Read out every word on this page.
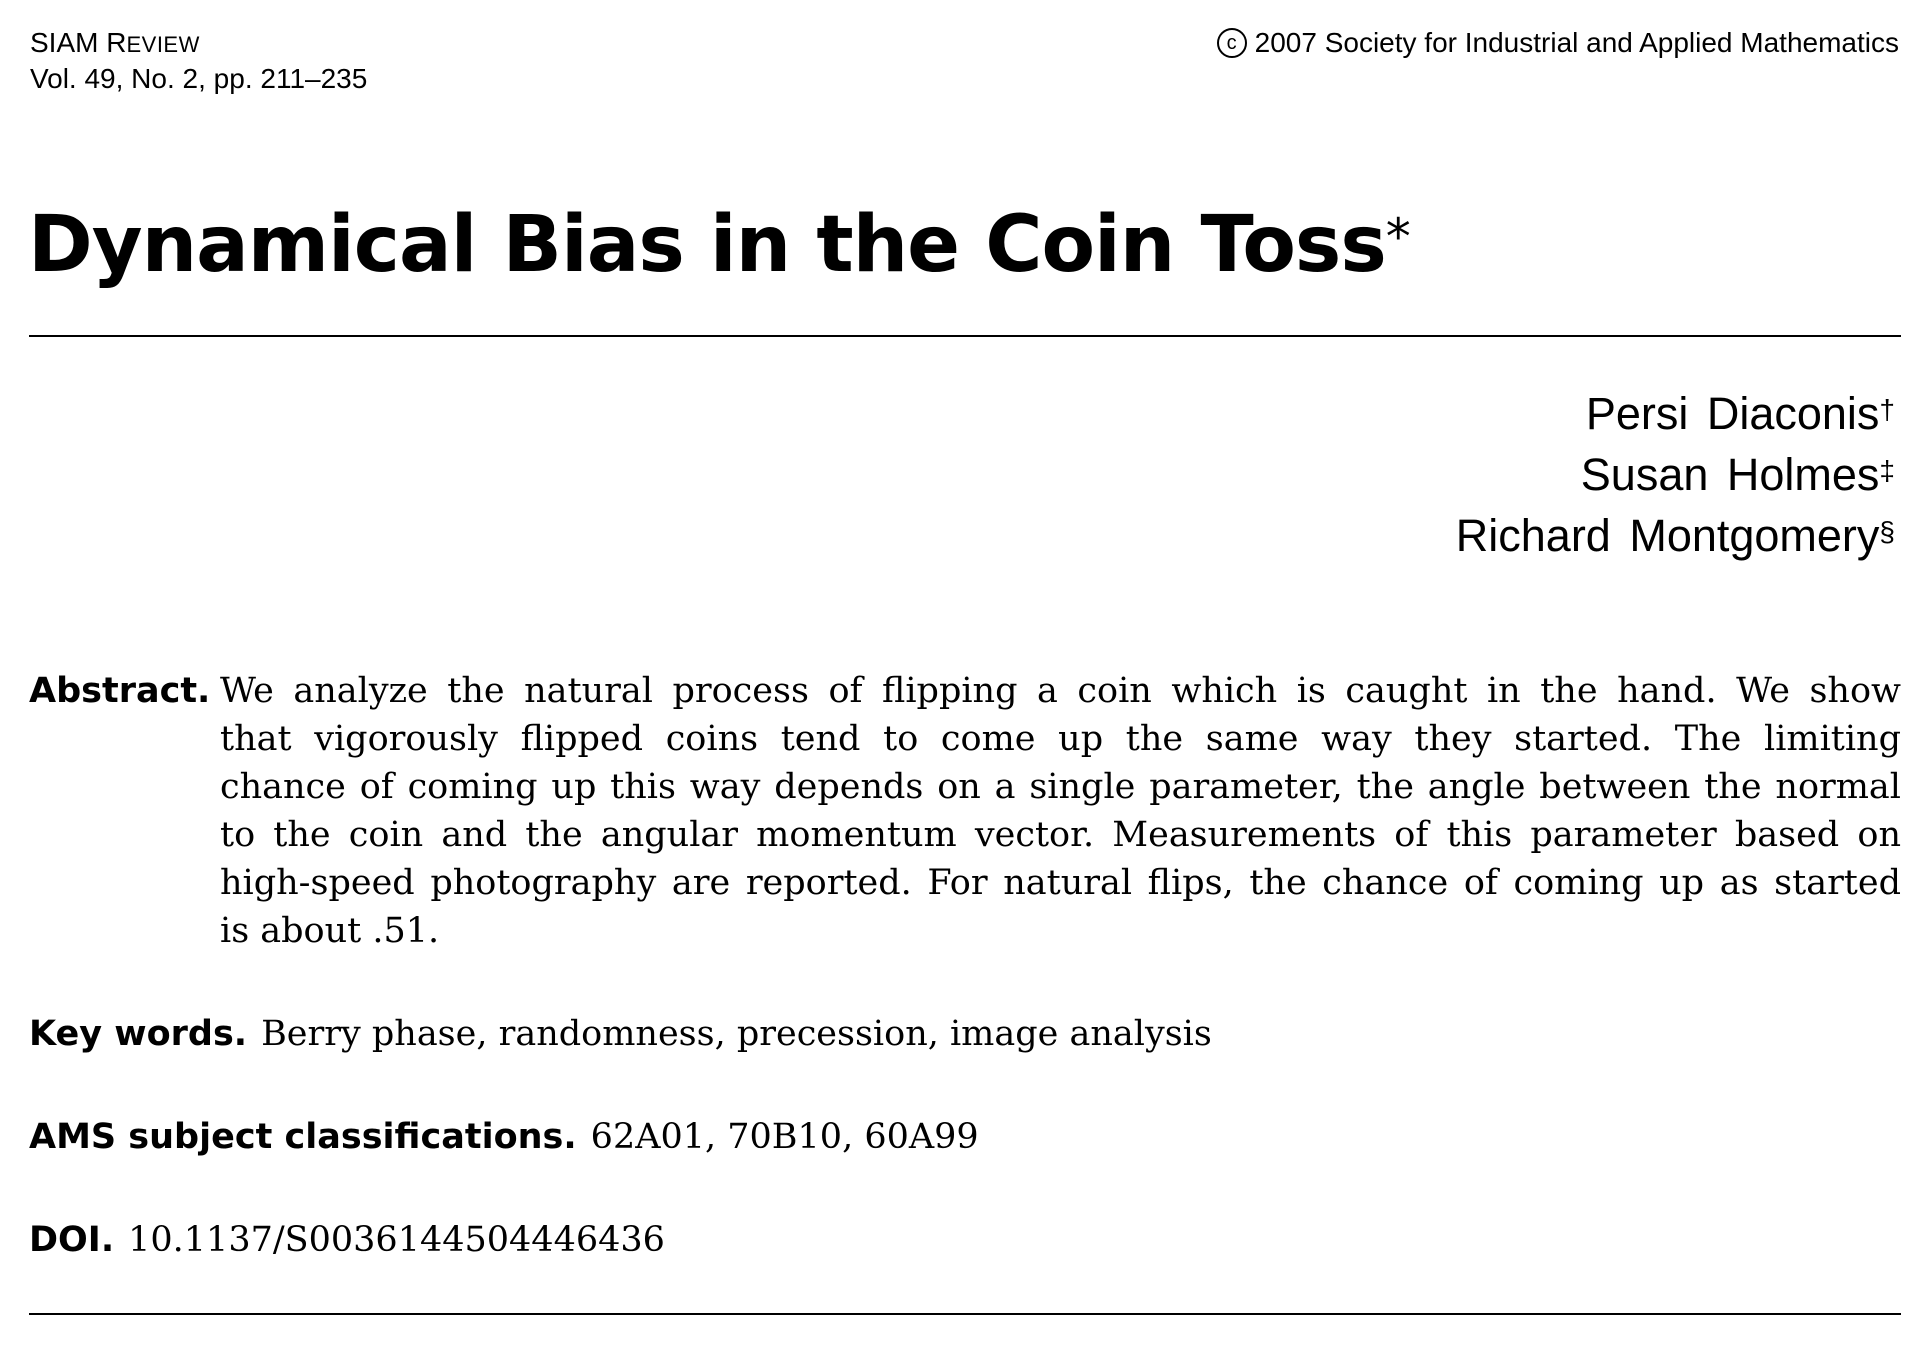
SIAM REVIEW
Vol. 49, No. 2, pp. 211–235
c 2007 Society for Industrial and Applied Mathematics
Dynamical Bias in the Coin Toss*
Persi Diaconis†
Susan Holmes‡
Richard Montgomery§
Abstract. We analyze the natural process of flipping a coin which is caught in the hand. We show
that vigorously flipped coins tend to come up the same way they started. The limiting
chance of coming up this way depends on a single parameter, the angle between the normal
to the coin and the angular momentum vector. Measurements of this parameter based on
high-speed photography are reported. For natural flips, the chance of coming up as started
is about .51.
Key words. Berry phase, randomness, precession, image analysis
AMS subject classifications. 62A01, 70B10, 60A99
DOI. 10.1137/S0036144504446436
